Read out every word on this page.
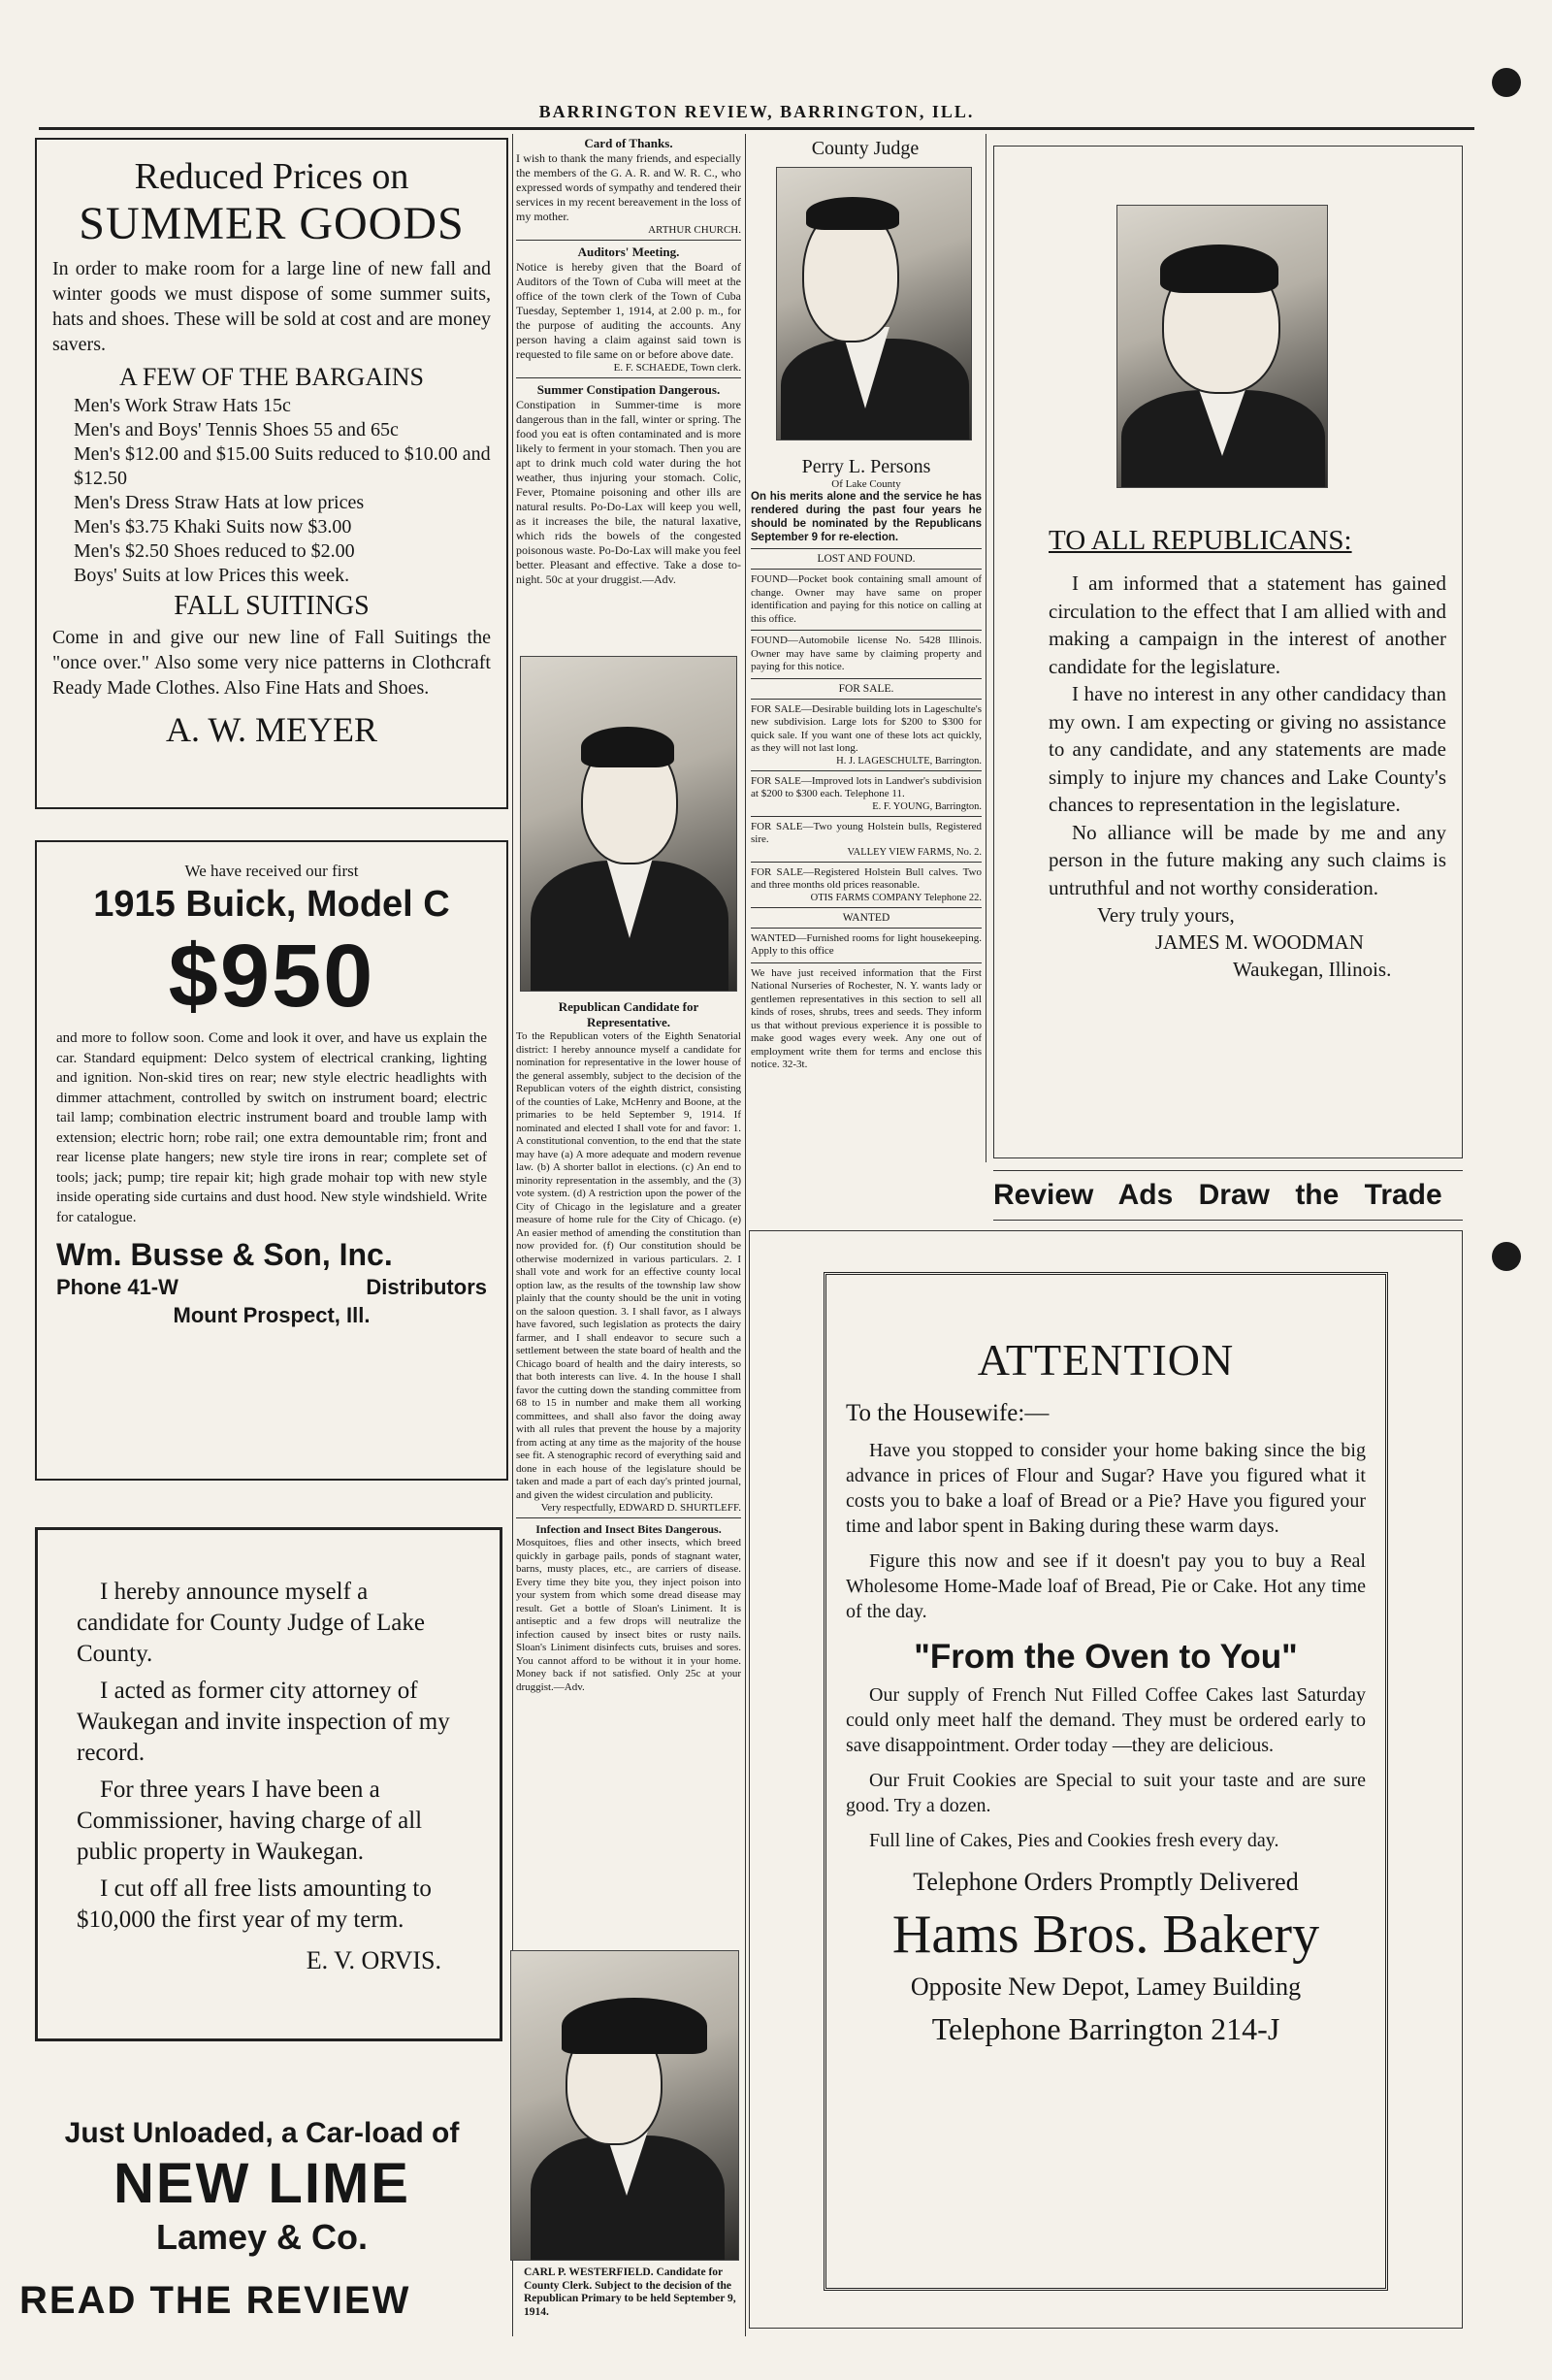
BARRINGTON REVIEW, BARRINGTON, ILL.
Reduced Prices on
SUMMER GOODS

In order to make room for a large line of new fall and winter goods we must dispose of some summer suits, hats and shoes. These will be sold at cost and are money savers.

A FEW OF THE BARGAINS
Men's Work Straw Hats 15c
Men's and Boys' Tennis Shoes 55 and 65c
Men's $12.00 and $15.00 Suits reduced to $10.00 and $12.50
Men's Dress Straw Hats at low prices
Men's $3.75 Khaki Suits now $3.00
Men's $2.50 Shoes reduced to $2.00
Boys' Suits at low Prices this week.
FALL SUITINGS

Come in and give our new line of Fall Suitings the "once over." Also some very nice patterns in Clothcraft Ready Made Clothes. Also Fine Hats and Shoes.

A. W. MEYER
We have received our first
1915 Buick, Model C
$950

and more to follow soon. Come and look it over, and have us explain the car. Standard equipment: Delco system of electrical cranking, lighting and ignition. Non-skid tires on rear; new style electric headlights with dimmer attachment, controlled by switch on instrument board; electric tail lamp; combination electric instrument board and trouble lamp with extension; electric horn; robe rail; one extra demountable rim; front and rear license plate hangers; new style tire irons in rear; complete set of tools; jack; pump; tire repair kit; high grade mohair top with new style inside operating side curtains and dust hood. New style windshield. Write for catalogue.

Wm. Busse & Son, Inc.
Phone 41-W	Distributors
Mount Prospect, Ill.

I hereby announce myself a candidate for County Judge of Lake County.

I acted as former city attorney of Waukegan and invite inspection of my record.

For three years I have been a Commissioner, having charge of all public property in Waukegan.

I cut off all free lists amounting to $10,000 the first year of my term.

E. V. ORVIS.
Just Unloaded, a Car-load of
NEW LIME
Lamey & Co.
READ THE REVIEW
Card of Thanks.

I wish to thank the many friends, and especially the members of the G. A. R. and W. R. C., who expressed words of sympathy and tendered their services in my recent bereavement in the loss of my mother.

ARTHUR CHURCH.
Auditors' Meeting.

Notice is hereby given that the Board of Auditors of the Town of Cuba will meet at the office of the town clerk of the Town of Cuba Tuesday, September 1, 1914, at 2.00 p. m., for the purpose of auditing the accounts. Any person having a claim against said town is requested to file same on or before above date.

E. F. SCHAEDE, Town clerk.
Summer Constipation Dangerous.

Constipation in Summer-time is more dangerous than in the fall, winter or spring. The food you eat is often contaminated and is more likely to ferment in your stomach. Then you are apt to drink much cold water during the hot weather, thus injuring your stomach. Colic, Fever, Ptomaine poisoning and other ills are natural results. Po-Do-Lax will keep you well, as it increases the bile, the natural laxative, which rids the bowels of the congested poisonous waste. Po-Do-Lax will make you feel better. Pleasant and effective. Take a dose to-night. 50c at your druggist.—Adv.

Republican Candidate for Representative.

To the Republican voters of the Eighth Senatorial district: I hereby announce myself a candidate for nomination for representative in the lower house of the general assembly, subject to the decision of the Republican voters of the eighth district, consisting of the counties of Lake, McHenry and Boone, at the primaries to be held September 9, 1914. If nominated and elected I shall vote for and favor: 1. A constitutional convention, to the end that the state may have (a) A more adequate and modern revenue law. (b) A shorter ballot in elections. (c) An end to minority representation in the assembly, and the (3) vote system. (d) A restriction upon the power of the City of Chicago in the legislature and a greater measure of home rule for the City of Chicago. (e) An easier method of amending the constitution than now provided for. (f) Our constitution should be otherwise modernized in various particulars. 2. I shall vote and work for an effective county local option law, as the results of the township law show plainly that the county should be the unit in voting on the saloon question. 3. I shall favor, as I always have favored, such legislation as protects the dairy farmer, and I shall endeavor to secure such a settlement between the state board of health and the Chicago board of health and the dairy interests, so that both interests can live. 4. In the house I shall favor the cutting down the standing committee from 68 to 15 in number and make them all working committees, and shall also favor the doing away with all rules that prevent the house by a majority from acting at any time as the majority of the house see fit. A stenographic record of everything said and done in each house of the legislature should be taken and made a part of each day's printed journal, and given the widest circulation and publicity.

Very respectfully, EDWARD D. SHURTLEFF.
Infection and Insect Bites Dangerous.

Mosquitoes, flies and other insects, which breed quickly in garbage pails, ponds of stagnant water, barns, musty places, etc., are carriers of disease. Every time they bite you, they inject poison into your system from which some dread disease may result. Get a bottle of Sloan's Liniment. It is antiseptic and a few drops will neutralize the infection caused by insect bites or rusty nails. Sloan's Liniment disinfects cuts, bruises and sores. You cannot afford to be without it in your home. Money back if not satisfied. Only 25c at your druggist.—Adv.

CARL P. WESTERFIELD. Candidate for County Clerk. Subject to the decision of the Republican Primary to be held September 9, 1914.
County Judge
Perry L. Persons
Of Lake County

On his merits alone and the service he has rendered during the past four years he should be nominated by the Republicans September 9 for re-election.

LOST AND FOUND.

FOUND—Pocket book containing small amount of change. Owner may have same on proper identification and paying for this notice on calling at this office.

FOUND—Automobile license No. 5428 Illinois. Owner may have same by claiming property and paying for this notice.

FOR SALE.

FOR SALE—Desirable building lots in Lageschulte's new subdivision. Large lots for $200 to $300 for quick sale. If you want one of these lots act quickly, as they will not last long.

H. J. LAGESCHULTE, Barrington.

FOR SALE—Improved lots in Landwer's subdivision at $200 to $300 each. Telephone 11.

E. F. YOUNG, Barrington.

FOR SALE—Two young Holstein bulls, Registered sire.

VALLEY VIEW FARMS, No. 2.

FOR SALE—Registered Holstein Bull calves. Two and three months old prices reasonable.

OTIS FARMS COMPANY Telephone 22.
WANTED

WANTED—Furnished rooms for light housekeeping. Apply to this office

We have just received information that the First National Nurseries of Rochester, N. Y. wants lady or gentlemen representatives in this section to sell all kinds of roses, shrubs, trees and seeds. They inform us that without previous experience it is possible to make good wages every week. Any one out of employment write them for terms and enclose this notice. 32-3t.

TO ALL REPUBLICANS:

I am informed that a statement has gained circulation to the effect that I am allied with and making a campaign in the interest of another candidate for the legislature.

I have no interest in any other candidacy than my own. I am expecting or giving no assistance to any candidate, and any statements are made simply to injure my chances and Lake County's chances to representation in the legislature.

No alliance will be made by me and any person in the future making any such claims is untruthful and not worthy consideration.

Very truly yours,
JAMES M. WOODMAN
Waukegan, Illinois.
Review Ads Draw the Trade
ATTENTION
To the Housewife:—

Have you stopped to consider your home baking since the big advance in prices of Flour and Sugar? Have you figured what it costs you to bake a loaf of Bread or a Pie? Have you figured your time and labor spent in Baking during these warm days.

Figure this now and see if it doesn't pay you to buy a Real Wholesome Home-Made loaf of Bread, Pie or Cake. Hot any time of the day.

"From the Oven to You"

Our supply of French Nut Filled Coffee Cakes last Saturday could only meet half the demand. They must be ordered early to save disappointment. Order today —they are delicious.

Our Fruit Cookies are Special to suit your taste and are sure good. Try a dozen.

Full line of Cakes, Pies and Cookies fresh every day.

Telephone Orders Promptly Delivered
Hams Bros. Bakery
Opposite New Depot, Lamey Building
Telephone Barrington 214-J
